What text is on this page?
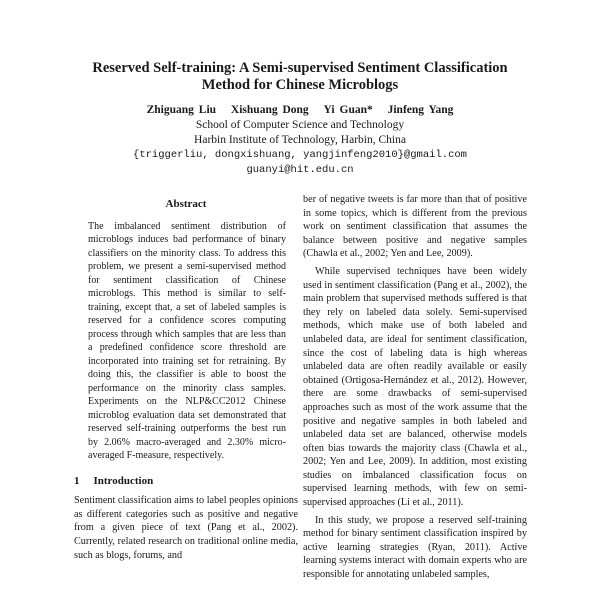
Reserved Self-training: A Semi-supervised Sentiment Classification
Method for Chinese Microblogs
Zhiguang Liu Xishuang Dong Yi Guan* Jinfeng Yang
School of Computer Science and Technology
Harbin Institute of Technology, Harbin, China
{triggerliu, dongxishuang, yangjinfeng2010}@gmail.com
guanyi@hit.edu.cn
Abstract

The imbalanced sentiment distribution of microblogs induces bad performance of binary classifiers on the minority class. To address this problem, we present a semi-supervised method for sentiment classification of Chinese microblogs. This method is similar to self-training, except that, a set of labeled samples is reserved for a confidence scores computing process through which samples that are less than a predefined confidence score threshold are incorporated into training set for retraining. By doing this, the classifier is able to boost the performance on the minority class samples. Experiments on the NLP&CC2012 Chinese microblog evaluation data set demonstrated that reserved self-training outperforms the best run by 2.06% macro-averaged and 2.30% micro-averaged F-measure, respectively.

1 Introduction

Sentiment classification aims to label peoples opinions as different categories such as positive and negative from a given piece of text (Pang et al., 2002). Currently, related research on traditional online media, such as blogs, forums, and

ber of negative tweets is far more than that of positive in some topics, which is different from the previous work on sentiment classification that assumes the balance between positive and negative samples (Chawla et al., 2002; Yen and Lee, 2009).

While supervised techniques have been widely used in sentiment classification (Pang et al., 2002), the main problem that supervised methods suffered is that they rely on labeled data solely. Semi-supervised methods, which make use of both labeled and unlabeled data, are ideal for sentiment classification, since the cost of labeling data is high whereas unlabeled data are often readily available or easily obtained (Ortigosa-Hernández et al., 2012). However, there are some drawbacks of semi-supervised approaches such as most of the work assume that the positive and negative samples in both labeled and unlabeled data set are balanced, otherwise models often bias towards the majority class (Chawla et al., 2002; Yen and Lee, 2009). In addition, most existing studies on imbalanced classification focus on supervised learning methods, with few on semi-supervised approaches (Li et al., 2011).

In this study, we propose a reserved self-training method for binary sentiment classification inspired by active learning strategies (Ryan, 2011). Active learning systems interact with domain experts who are responsible for annotating unlabeled samples,
